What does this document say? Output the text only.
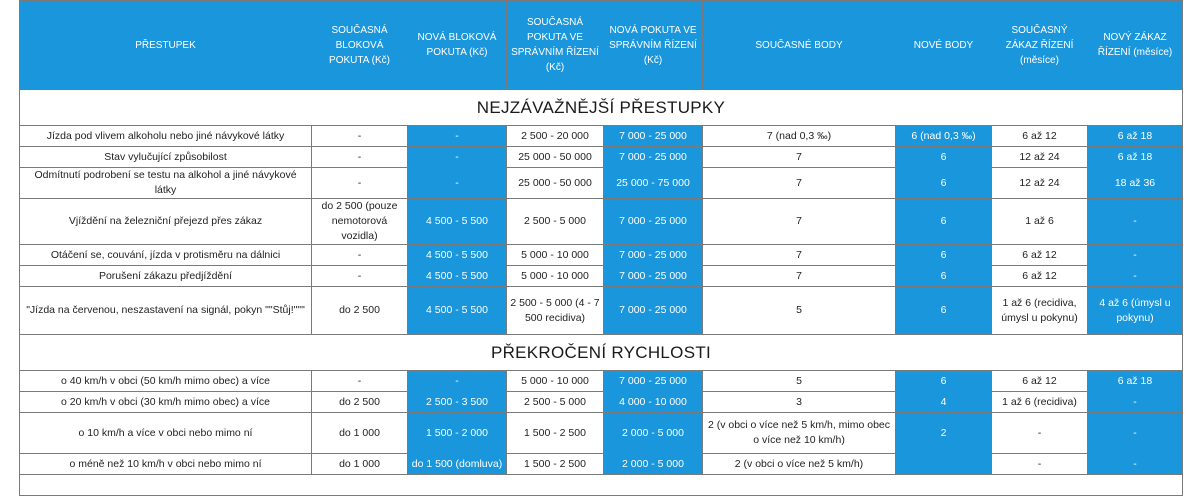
PŘESTUPEK	SOUČASNÁ BLOKOVÁ POKUTA (Kč)	NOVÁ BLOKOVÁ POKUTA (Kč)	SOUČASNÁ POKUTA VE SPRÁVNÍM ŘÍZENÍ (Kč)	NOVÁ POKUTA VE SPRÁVNÍM ŘÍZENÍ (Kč)	SOUČASNÉ BODY	NOVÉ BODY	SOUČASNÝ ZÁKAZ ŘÍZENÍ (měsíce)	NOVÝ ZÁKAZ ŘÍZENÍ (měsíce)
NEJZÁVAŽNĚJŠÍ PŘESTUPKY								
Jízda pod vlivem alkoholu nebo jiné návykové látky	-	-	2 500 - 20 000	7 000 - 25 000	7 (nad 0,3 ‰)	6 (nad 0,3 ‰)	6 až 12	6 až 18
Stav vylučující způsobilost	-	-	25 000 - 50 000	7 000 - 25 000	7	6	12 až 24	6 až 18
Odmítnutí podrobení se testu na alkohol a jiné návykové látky	-	-	25 000 - 50 000	25 000 - 75 000	7	6	12 až 24	18 až 36
Vjíždění na železniční přejezd přes zákaz	do 2 500 (pouze nemotorová vozidla)	4 500 - 5 500	2 500 - 5 000	7 000 - 25 000	7	6	1 až 6	-
Otáčení se, couvání, jízda v protisměru na dálnici	-	4 500 - 5 500	5 000 - 10 000	7 000 - 25 000	7	6	6 až 12	-
Porušení zákazu předjíždění	-	4 500 - 5 500	5 000 - 10 000	7 000 - 25 000	7	6	6 až 12	-
"Jízda na červenou, neszastavení na signál, pokyn ""Stůj!"""	do 2 500	4 500 - 5 500	2 500 - 5 000 (4 - 7 500 recidiva)	7 000 - 25 000	5	6	1 až 6 (recidiva, úmysl u pokynu)	4 až 6 (úmysl u pokynu)
PŘEKROČENÍ RYCHLOSTI								
o 40 km/h v obci (50 km/h mimo obec) a více	-	-	5 000 - 10 000	7 000 - 25 000	5	6	6 až 12	6 až 18
o 20 km/h v obci (30 km/h mimo obec) a více	do 2 500	2 500 - 3 500	2 500 - 5 000	4 000 - 10 000	3	4	1 až 6 (recidiva)	-
o 10 km/h a více v obci nebo mimo ní	do 1 000	1 500 - 2 000	1 500 - 2 500	2 000 - 5 000	2 (v obci o více než 5 km/h, mimo obec o více než 10 km/h)	2	-	-
o méně než 10 km/h v obci nebo mimo ní	do 1 000	do 1 500 (domluva)	1 500 - 2 500	2 000 - 5 000	2 (v obci o více než 5 km/h)		-	-
